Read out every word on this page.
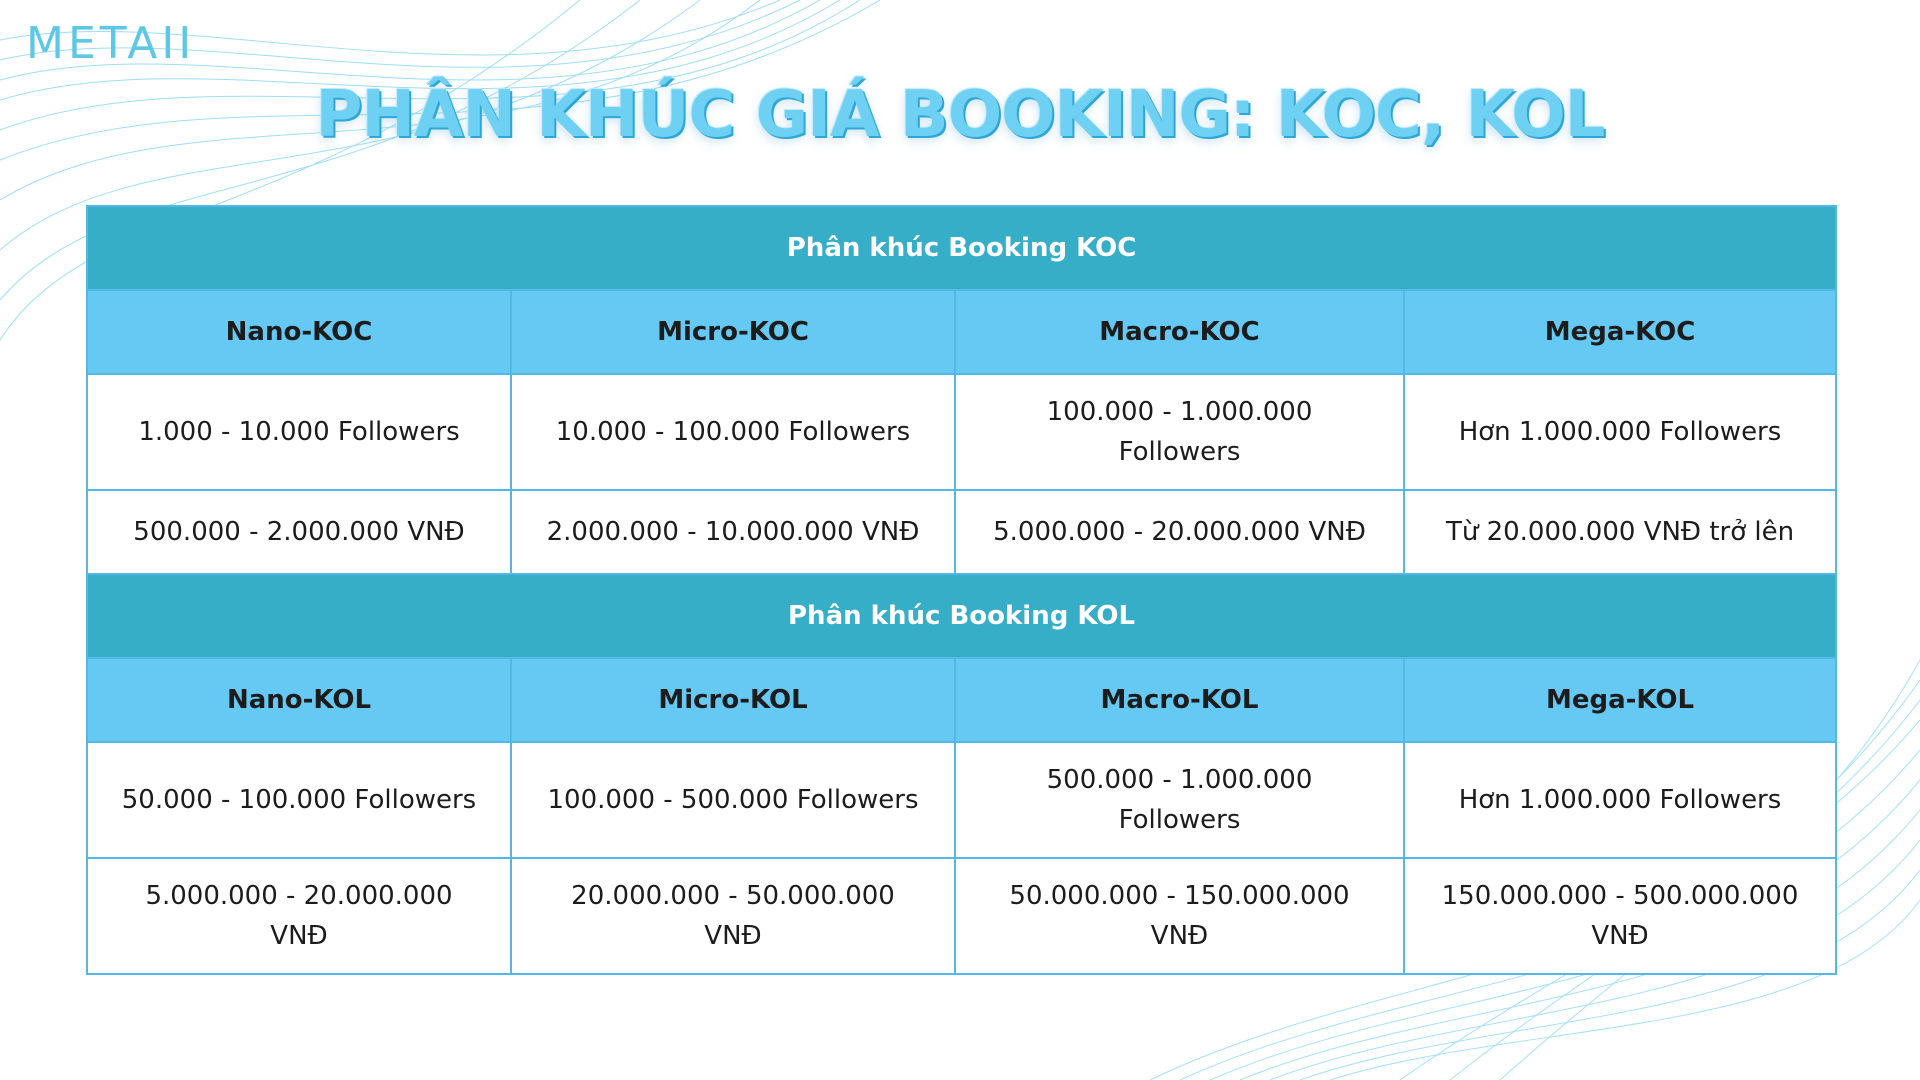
METAII
PHÂN KHÚC GIÁ BOOKING: KOC, KOL
Phân khúc Booking KOC			
Nano-KOC	Micro-KOC	Macro-KOC	Mega-KOC
1.000 - 10.000 Followers	10.000 - 100.000 Followers	100.000 - 1.000.000 Followers	Hơn 1.000.000 Followers
500.000 - 2.000.000 VNĐ	2.000.000 - 10.000.000 VNĐ	5.000.000 - 20.000.000 VNĐ	Từ 20.000.000 VNĐ trở lên
Phân khúc Booking KOL			
Nano-KOL	Micro-KOL	Macro-KOL	Mega-KOL
50.000 - 100.000 Followers	100.000 - 500.000 Followers	500.000 - 1.000.000 Followers	Hơn 1.000.000 Followers
5.000.000 - 20.000.000 VNĐ	20.000.000 - 50.000.000 VNĐ	50.000.000 - 150.000.000 VNĐ	150.000.000 - 500.000.000 VNĐ
